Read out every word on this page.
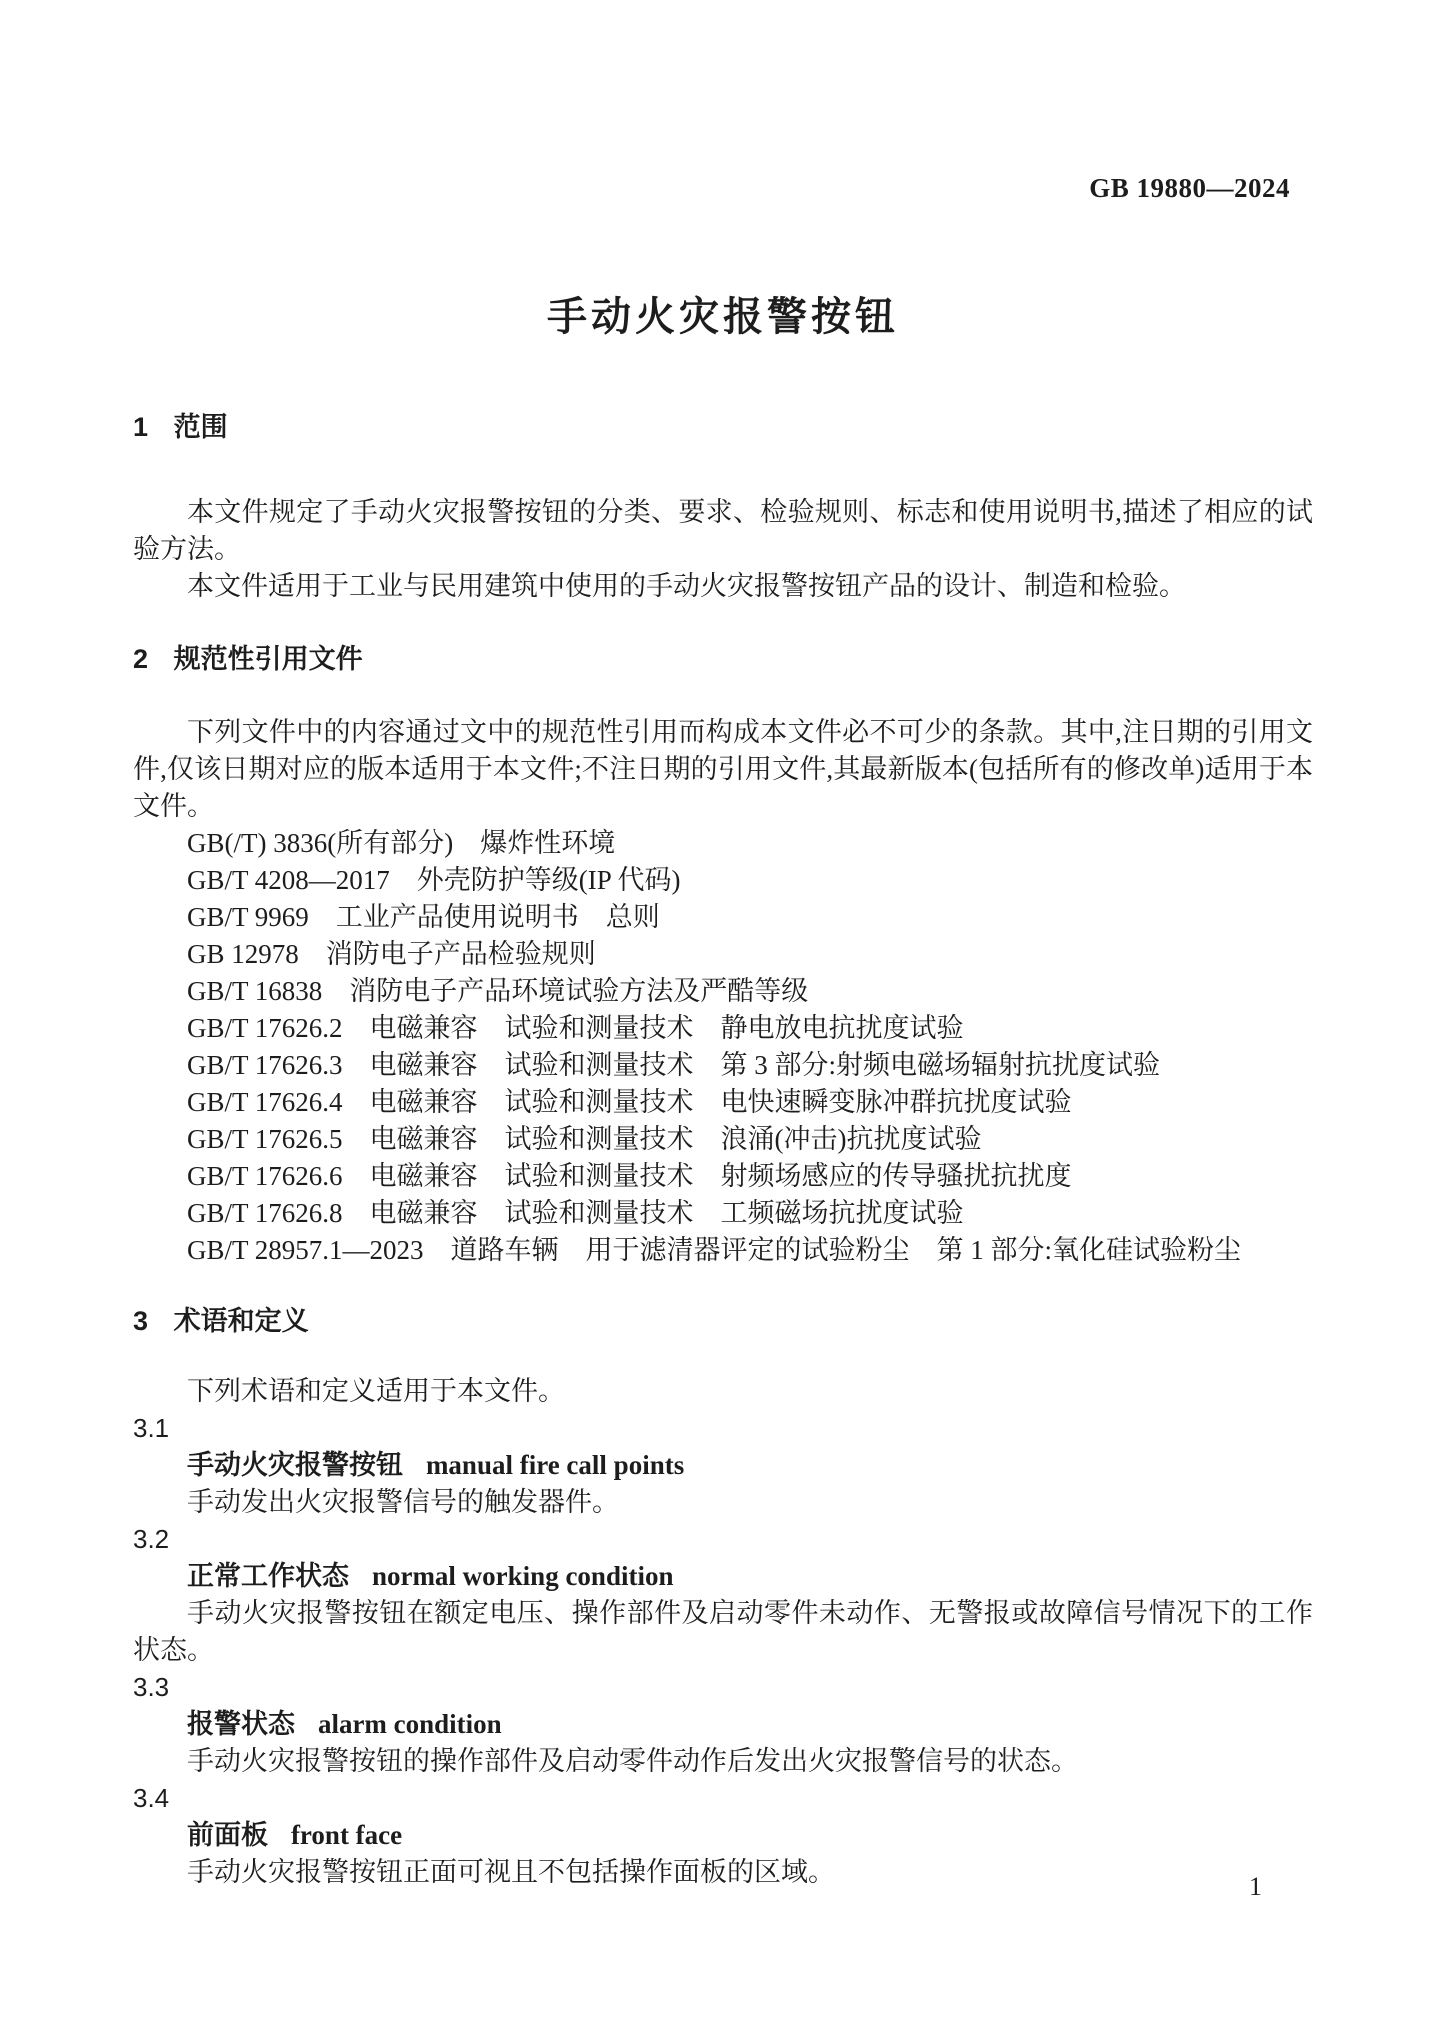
GB 19880—2024
手动火灾报警按钮
1 范围

本文件规定了手动火灾报警按钮的分类、要求、检验规则、标志和使用说明书,描述了相应的试验方法。

本文件适用于工业与民用建筑中使用的手动火灾报警按钮产品的设计、制造和检验。

2 规范性引用文件

下列文件中的内容通过文中的规范性引用而构成本文件必不可少的条款。其中,注日期的引用文件,仅该日期对应的版本适用于本文件;不注日期的引用文件,其最新版本(包括所有的修改单)适用于本文件。

GB(/T) 3836(所有部分)　爆炸性环境
GB/T 4208—2017　外壳防护等级(IP 代码)
GB/T 9969　工业产品使用说明书　总则
GB 12978　消防电子产品检验规则
GB/T 16838　消防电子产品环境试验方法及严酷等级
GB/T 17626.2　电磁兼容　试验和测量技术　静电放电抗扰度试验
GB/T 17626.3　电磁兼容　试验和测量技术　第 3 部分:射频电磁场辐射抗扰度试验
GB/T 17626.4　电磁兼容　试验和测量技术　电快速瞬变脉冲群抗扰度试验
GB/T 17626.5　电磁兼容　试验和测量技术　浪涌(冲击)抗扰度试验
GB/T 17626.6　电磁兼容　试验和测量技术　射频场感应的传导骚扰抗扰度
GB/T 17626.8　电磁兼容　试验和测量技术　工频磁场抗扰度试验
GB/T 28957.1—2023　道路车辆　用于滤清器评定的试验粉尘　第 1 部分:氧化硅试验粉尘
3 术语和定义

下列术语和定义适用于本文件。

3.1
手动火灾报警按钮 manual fire call points

手动发出火灾报警信号的触发器件。

3.2
正常工作状态 normal working condition

手动火灾报警按钮在额定电压、操作部件及启动零件未动作、无警报或故障信号情况下的工作状态。

3.3
报警状态 alarm condition

手动火灾报警按钮的操作部件及启动零件动作后发出火灾报警信号的状态。

3.4
前面板 front face

手动火灾报警按钮正面可视且不包括操作面板的区域。	1
